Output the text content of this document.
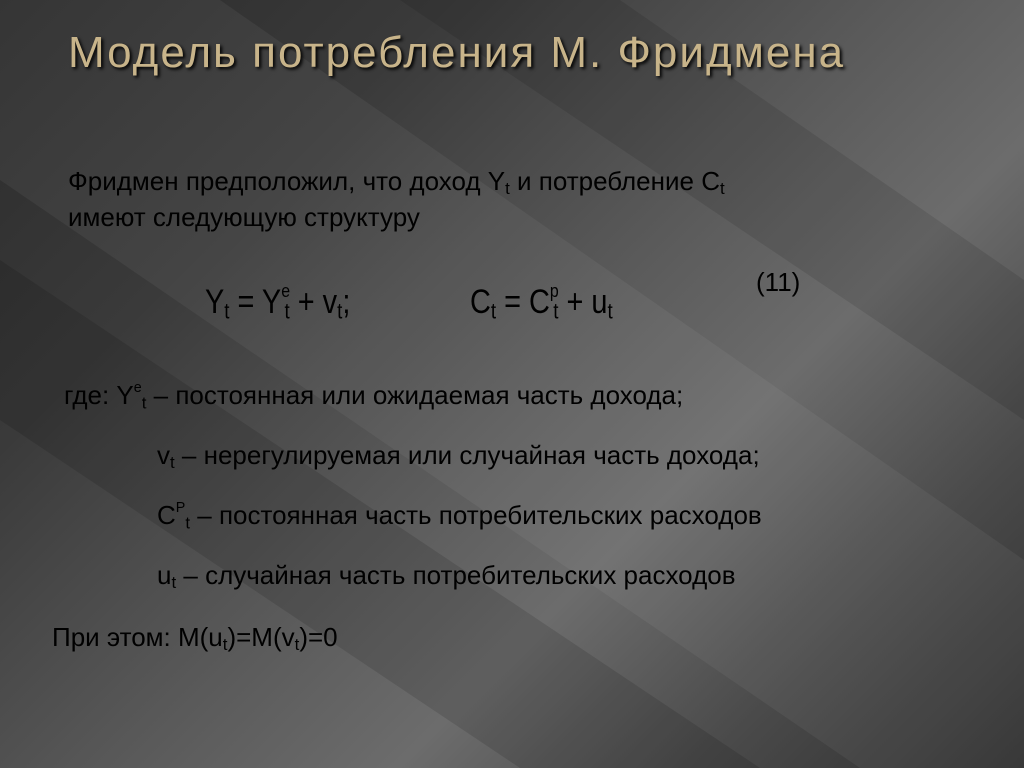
Модель потребления М. Фридмена
Фридмен предположил, что доход $Y_t$ и потребление $C_t$
имеют следующую структуру
$Y_t = Y^e_t + v_t$;	$C_t = C^p_t + u_t$
(11)
где: $Y^e_t$ – постоянная или ожидаемая часть дохода;
$v_t$ – нерегулируемая или случайная часть дохода;
$C^P_t$ – постоянная часть потребительских расходов
$u_t$ – случайная часть потребительских расходов
При этом: $M(u_t)=M(v_t)=0$
